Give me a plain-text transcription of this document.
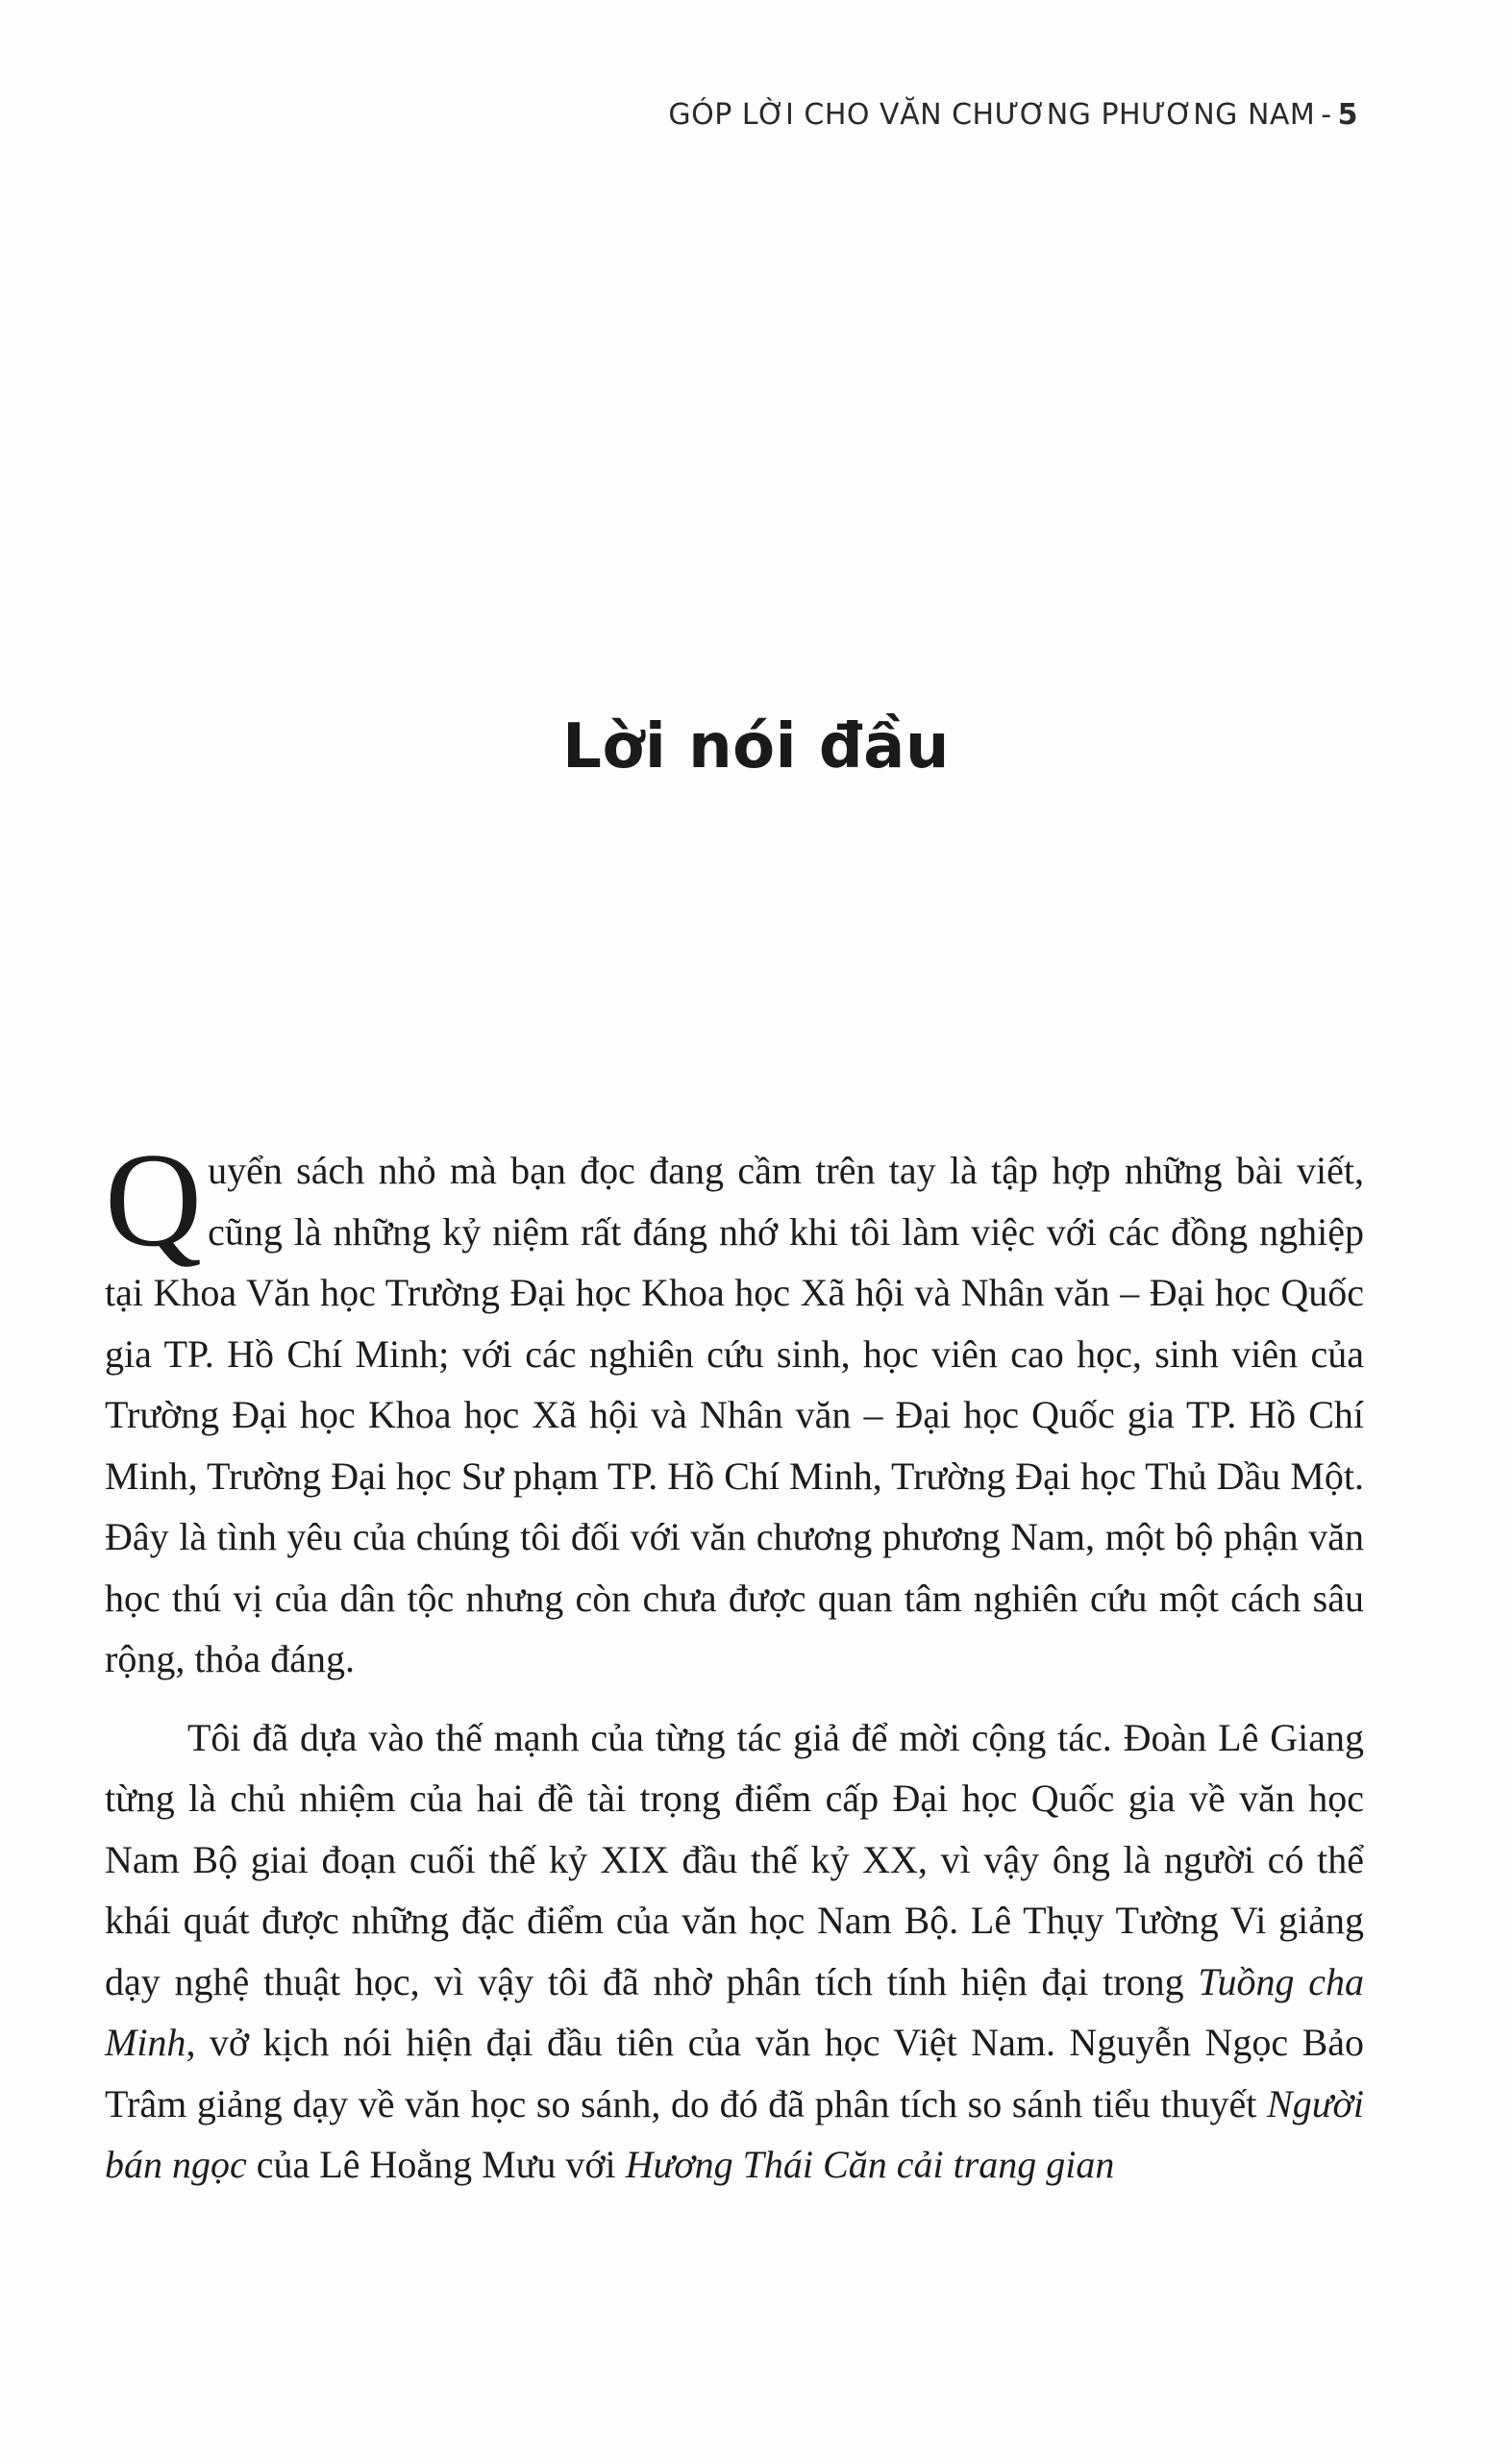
GÓP LỜI CHO VĂN CHƯƠNG PHƯƠNG NAM - 5
Lời nói đầu

Quyển sách nhỏ mà bạn đọc đang cầm trên tay là tập hợp những bài viết, cũng là những kỷ niệm rất đáng nhớ khi tôi làm việc với các đồng nghiệp tại Khoa Văn học Trường Đại học Khoa học Xã hội và Nhân văn – Đại học Quốc gia TP. Hồ Chí Minh; với các nghiên cứu sinh, học viên cao học, sinh viên của Trường Đại học Khoa học Xã hội và Nhân văn – Đại học Quốc gia TP. Hồ Chí Minh, Trường Đại học Sư phạm TP. Hồ Chí Minh, Trường Đại học Thủ Dầu Một. Đây là tình yêu của chúng tôi đối với văn chương phương Nam, một bộ phận văn học thú vị của dân tộc nhưng còn chưa được quan tâm nghiên cứu một cách sâu rộng, thỏa đáng.

Tôi đã dựa vào thế mạnh của từng tác giả để mời cộng tác. Đoàn Lê Giang từng là chủ nhiệm của hai đề tài trọng điểm cấp Đại học Quốc gia về văn học Nam Bộ giai đoạn cuối thế kỷ XIX đầu thế kỷ XX, vì vậy ông là người có thể khái quát được những đặc điểm của văn học Nam Bộ. Lê Thụy Tường Vi giảng dạy nghệ thuật học, vì vậy tôi đã nhờ phân tích tính hiện đại trong Tuồng cha Minh, vở kịch nói hiện đại đầu tiên của văn học Việt Nam. Nguyễn Ngọc Bảo Trâm giảng dạy về văn học so sánh, do đó đã phân tích so sánh tiểu thuyết Người bán ngọc của Lê Hoằng Mưu với Hương Thái Căn cải trang gian
